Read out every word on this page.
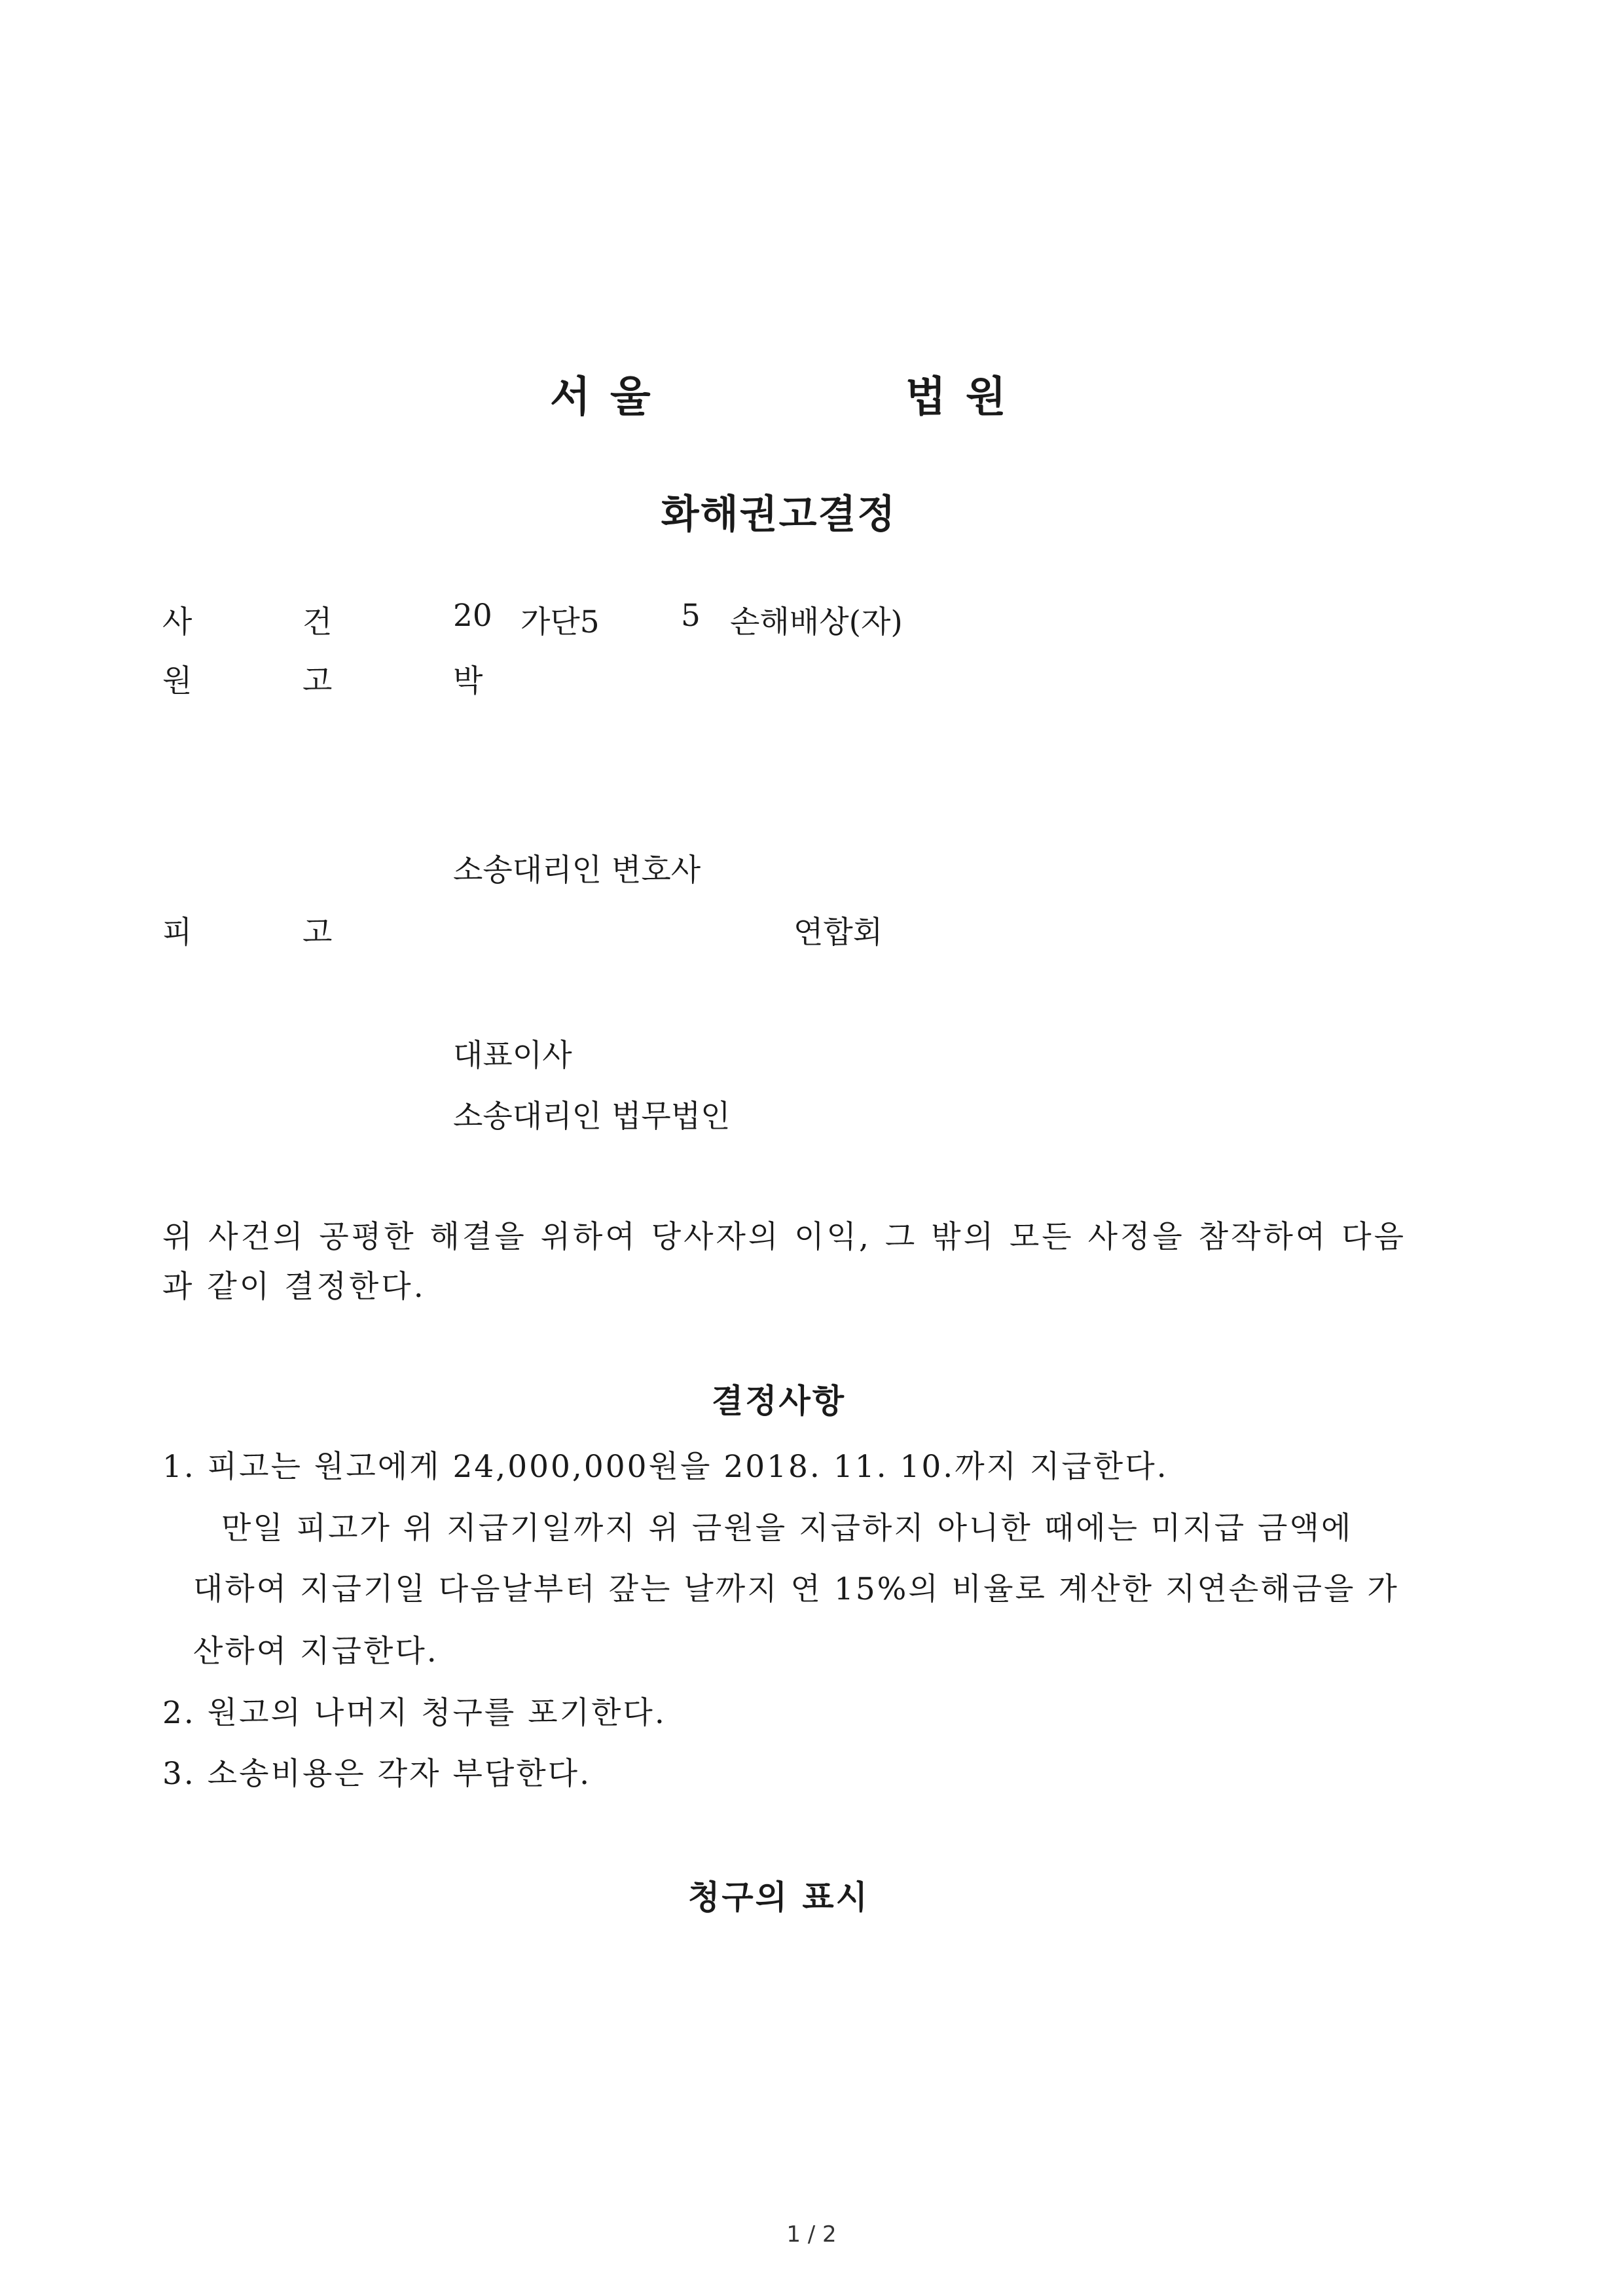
서울	법원
화해권고결정
사	건	20 가단5	5 손해배상(자)
원	고	박
소송대리인 변호사
피	고	연합회
대표이사
소송대리인 법무법인
위 사건의 공평한 해결을 위하여 당사자의 이익, 그 밖의 모든 사정을 참작하여 다음과 같이 결정한다.
결정사항
1. 피고는 원고에게 24,000,000원을 2018. 11. 10.까지 지급한다.
만일 피고가 위 지급기일까지 위 금원을 지급하지 아니한 때에는 미지급 금액에
대하여 지급기일 다음날부터 갚는 날까지 연 15%의 비율로 계산한 지연손해금을 가
산하여 지급한다.
2. 원고의 나머지 청구를 포기한다.
3. 소송비용은 각자 부담한다.
청구의 표시
1 / 2
